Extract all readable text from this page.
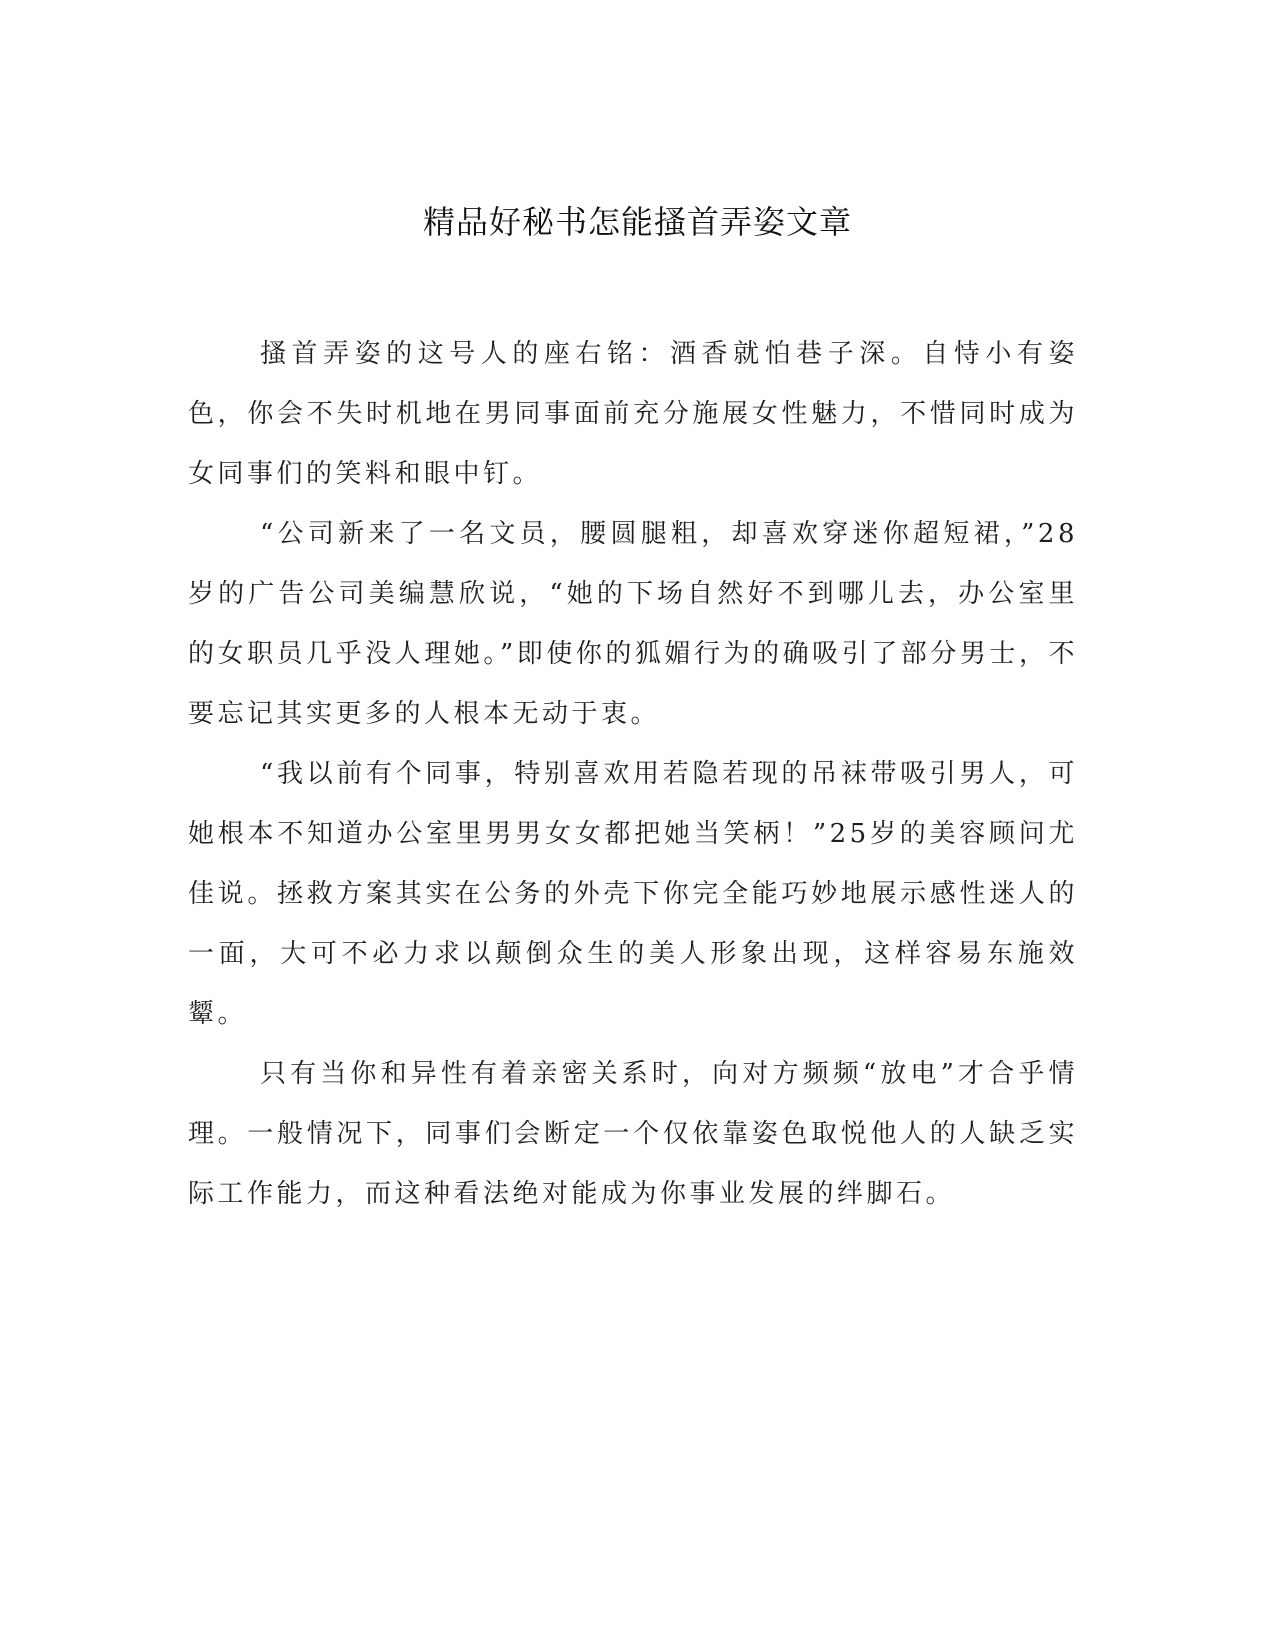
精品好秘书怎能搔首弄姿文章

搔首弄姿的这号人的座右铭：酒香就怕巷子深。自恃小有姿色，你会不失时机地在男同事面前充分施展女性魅力，不惜同时成为女同事们的笑料和眼中钉。

“公司新来了一名文员，腰圆腿粗，却喜欢穿迷你超短裙，”28岁的广告公司美编慧欣说，“她的下场自然好不到哪儿去，办公室里的女职员几乎没人理她。”即使你的狐媚行为的确吸引了部分男士，不要忘记其实更多的人根本无动于衷。

“我以前有个同事，特别喜欢用若隐若现的吊袜带吸引男人，可她根本不知道办公室里男男女女都把她当笑柄！”25岁的美容顾问尤佳说。拯救方案其实在公务的外壳下你完全能巧妙地展示感性迷人的一面，大可不必力求以颠倒众生的美人形象出现，这样容易东施效颦。

只有当你和异性有着亲密关系时，向对方频频“放电”才合乎情理。一般情况下，同事们会断定一个仅依靠姿色取悦他人的人缺乏实际工作能力，而这种看法绝对能成为你事业发展的绊脚石。
